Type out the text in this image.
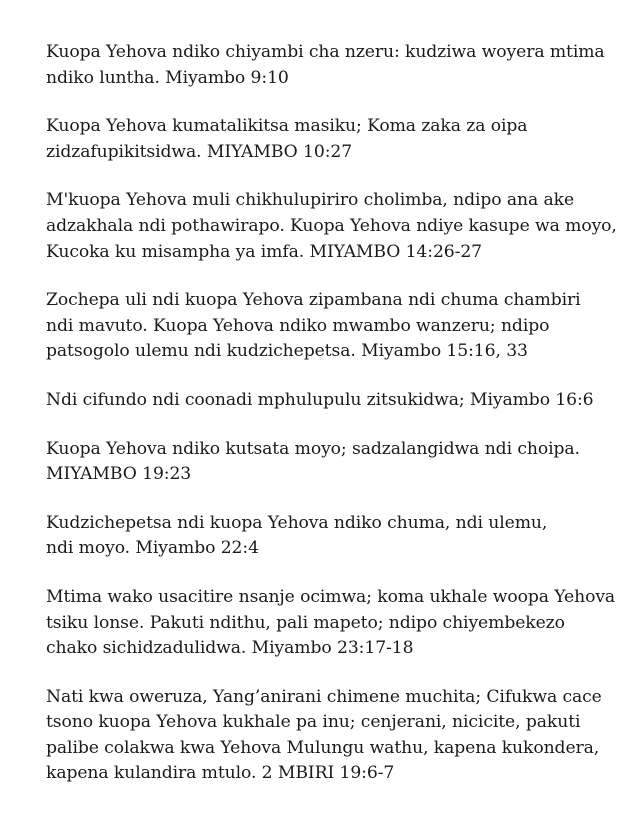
Kuopa Yehova ndiko chiyambi cha nzeru: kudziwa woyera mtima
ndiko luntha. Miyambo 9:10

Kuopa Yehova kumatalikitsa masiku; Koma zaka za oipa
zidzafupikitsidwa. MIYAMBO 10:27

M'kuopa Yehova muli chikhulupiriro cholimba, ndipo ana ake
adzakhala ndi pothawirapo. Kuopa Yehova ndiye kasupe wa moyo,
Kucoka ku misampha ya imfa. MIYAMBO 14:26-27

Zochepa uli ndi kuopa Yehova zipambana ndi chuma chambiri
ndi mavuto. Kuopa Yehova ndiko mwambo wanzeru; ndipo
patsogolo ulemu ndi kudzichepetsa. Miyambo 15:16, 33

Ndi cifundo ndi coonadi mphulupulu zitsukidwa; Miyambo 16:6

Kuopa Yehova ndiko kutsata moyo; sadzalangidwa ndi choipa.
MIYAMBO 19:23

Kudzichepetsa ndi kuopa Yehova ndiko chuma, ndi ulemu,
ndi moyo. Miyambo 22:4

Mtima wako usacitire nsanje ocimwa; koma ukhale woopa Yehova
tsiku lonse. Pakuti ndithu, pali mapeto; ndipo chiyembekezo
chako sichidzadulidwa. Miyambo 23:17-18

Nati kwa oweruza, Yang’anirani chimene muchita; Cifukwa cace
tsono kuopa Yehova kukhale pa inu; cenjerani, nicicite, pakuti
palibe colakwa kwa Yehova Mulungu wathu, kapena kukondera,
kapena kulandira mtulo. 2 MBIRI 19:6-7
